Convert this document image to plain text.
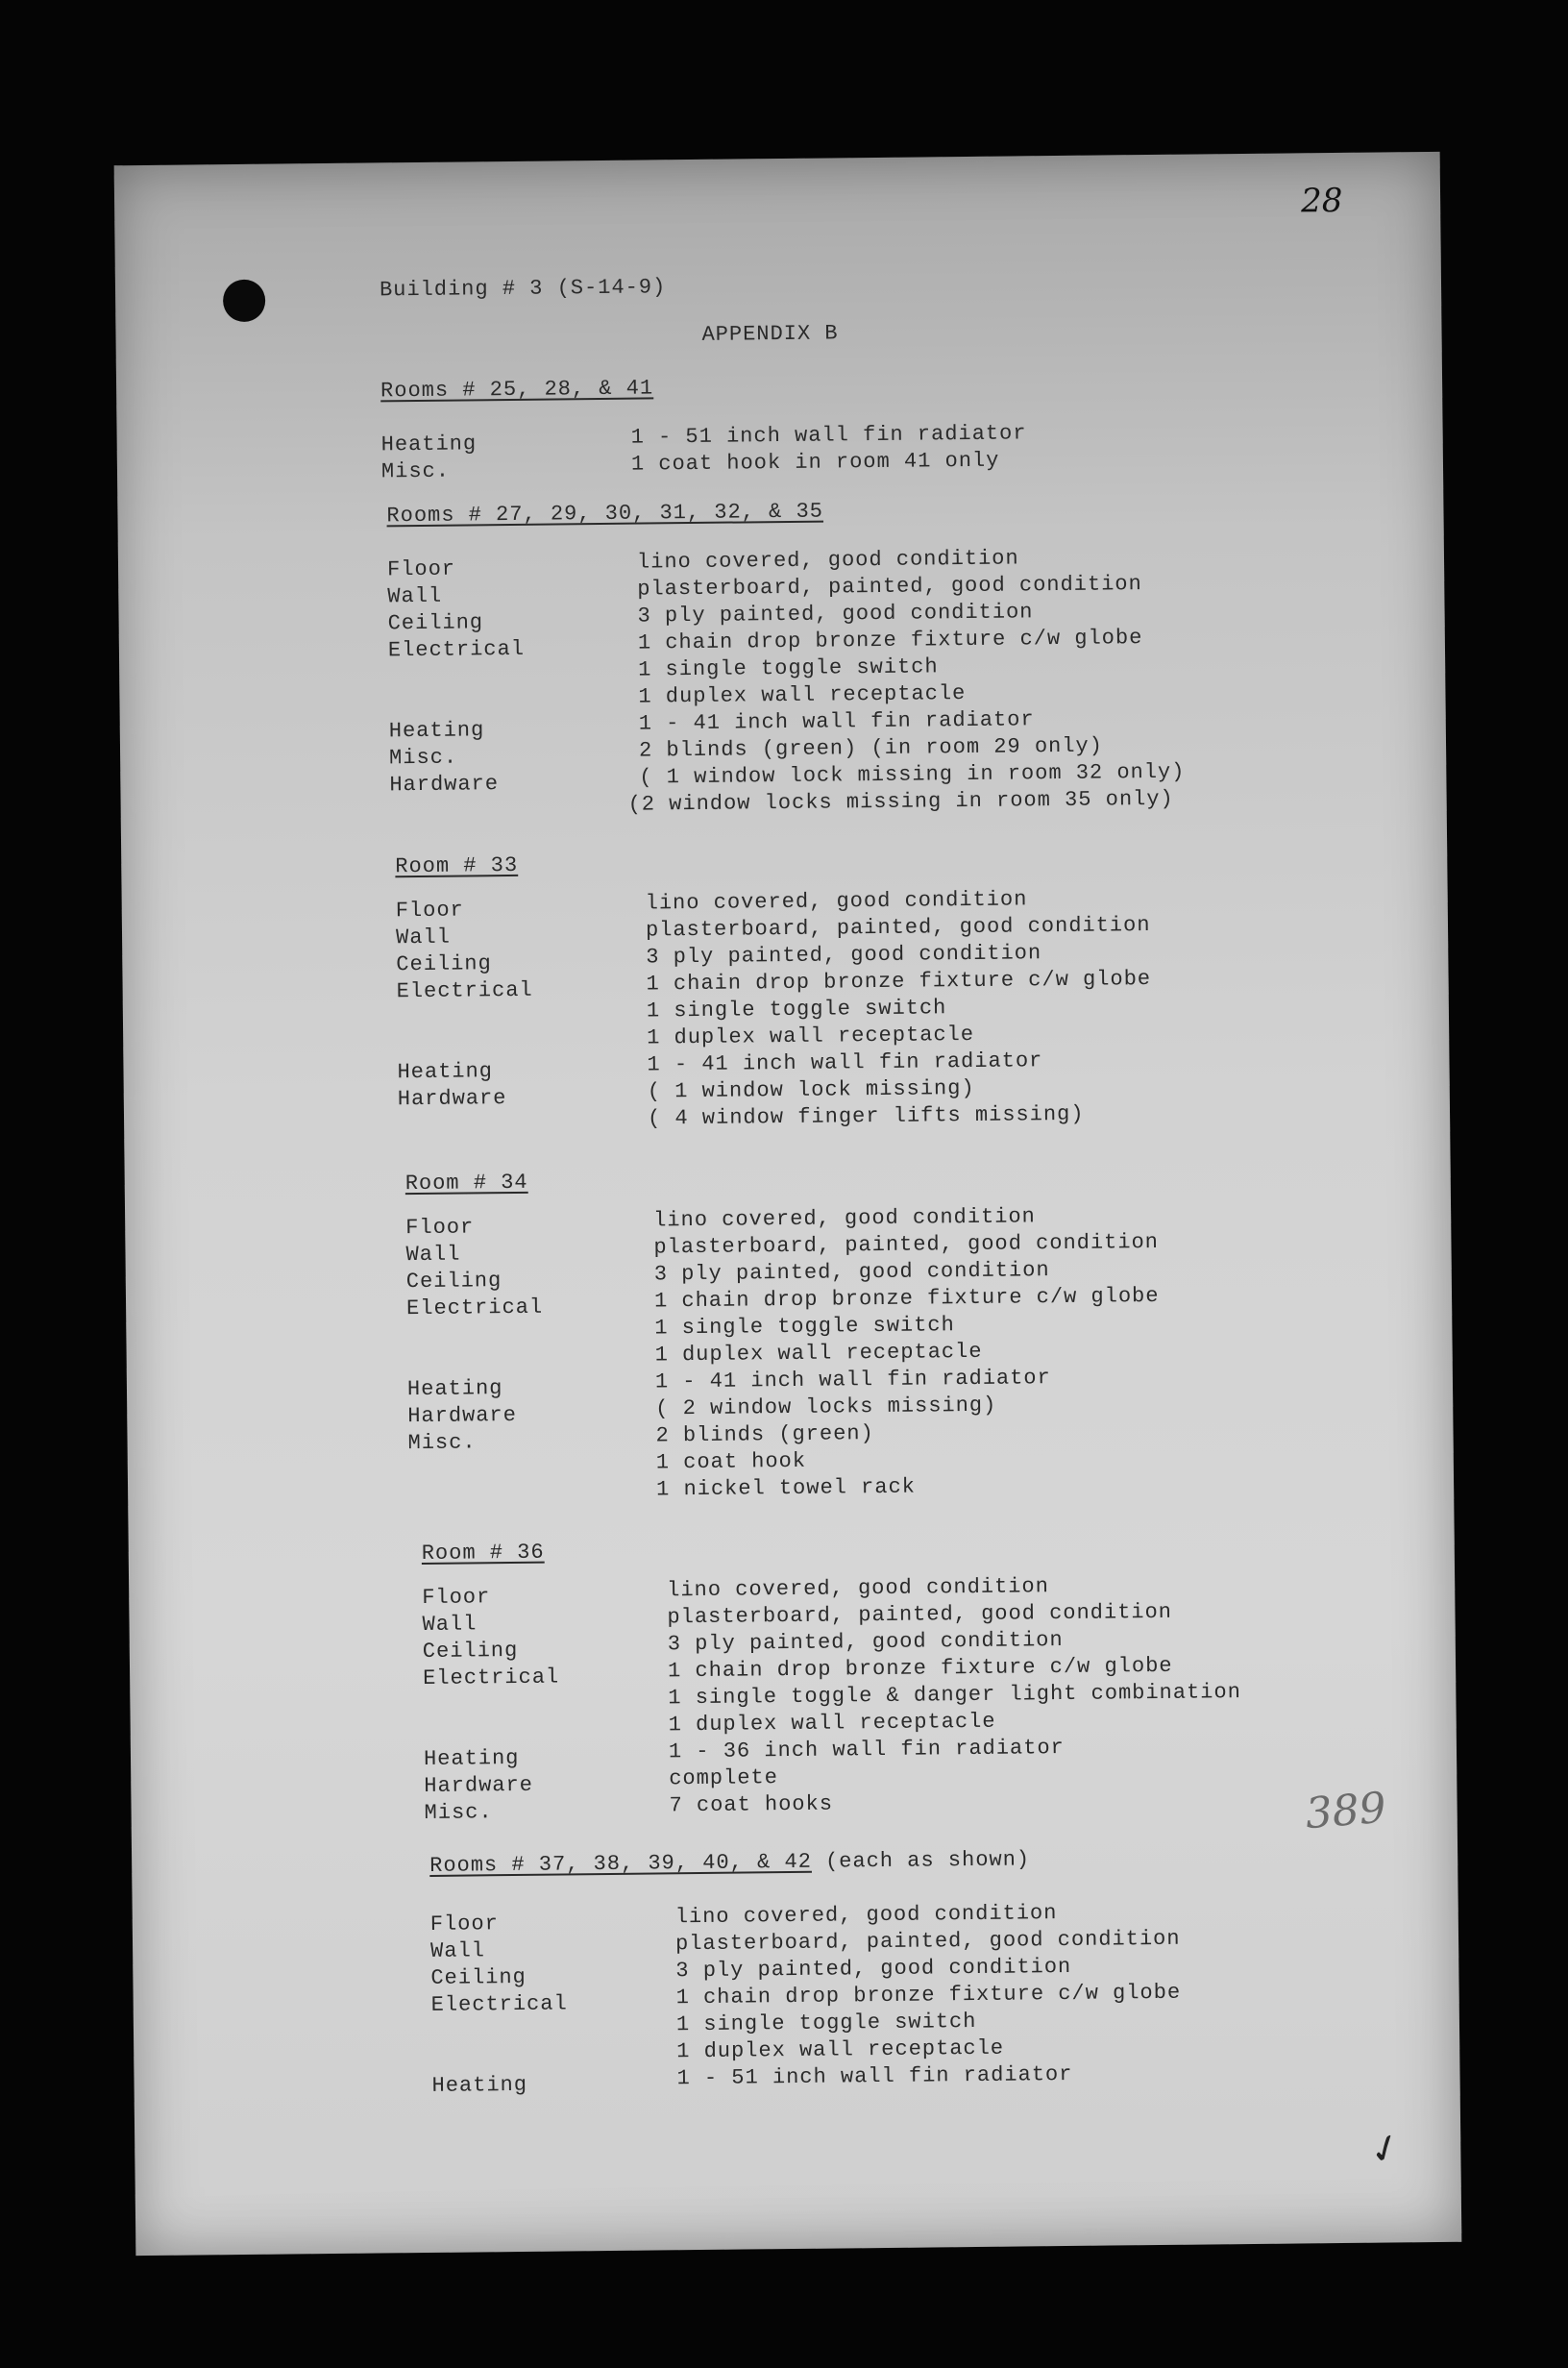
28
389
✓
Building # 3 (S-14-9)
APPENDIX B
Rooms # 25, 28, & 41
Heating
Misc.
1 - 51 inch wall fin radiator
1 coat hook in room 41 only
Rooms # 27, 29, 30, 31, 32, & 35
Floor
Wall
Ceiling
Electrical
Heating
Misc.
Hardware
lino covered, good condition
plasterboard, painted, good condition
3 ply painted, good condition
1 chain drop bronze fixture c/w globe
1 single toggle switch
1 duplex wall receptacle
1 - 41 inch wall fin radiator
2 blinds (green) (in room 29 only)
( 1 window lock missing in room 32 only)
(2 window locks missing in room 35 only)
Room # 33
Floor
Wall
Ceiling
Electrical
Heating
Hardware
lino covered, good condition
plasterboard, painted, good condition
3 ply painted, good condition
1 chain drop bronze fixture c/w globe
1 single toggle switch
1 duplex wall receptacle
1 - 41 inch wall fin radiator
( 1 window lock missing)
( 4 window finger lifts missing)
Room # 34
Floor
Wall
Ceiling
Electrical
Heating
Hardware
Misc.
lino covered, good condition
plasterboard, painted, good condition
3 ply painted, good condition
1 chain drop bronze fixture c/w globe
1 single toggle switch
1 duplex wall receptacle
1 - 41 inch wall fin radiator
( 2 window locks missing)
2 blinds (green)
1 coat hook
1 nickel towel rack
Room # 36
Floor
Wall
Ceiling
Electrical
Heating
Hardware
Misc.
lino covered, good condition
plasterboard, painted, good condition
3 ply painted, good condition
1 chain drop bronze fixture c/w globe
1 single toggle & danger light combination
1 duplex wall receptacle
1 - 36 inch wall fin radiator
complete
7 coat hooks
Rooms # 37, 38, 39, 40, & 42 (each as shown)
Floor
Wall
Ceiling
Electrical
Heating
lino covered, good condition
plasterboard, painted, good condition
3 ply painted, good condition
1 chain drop bronze fixture c/w globe
1 single toggle switch
1 duplex wall receptacle
1 - 51 inch wall fin radiator
